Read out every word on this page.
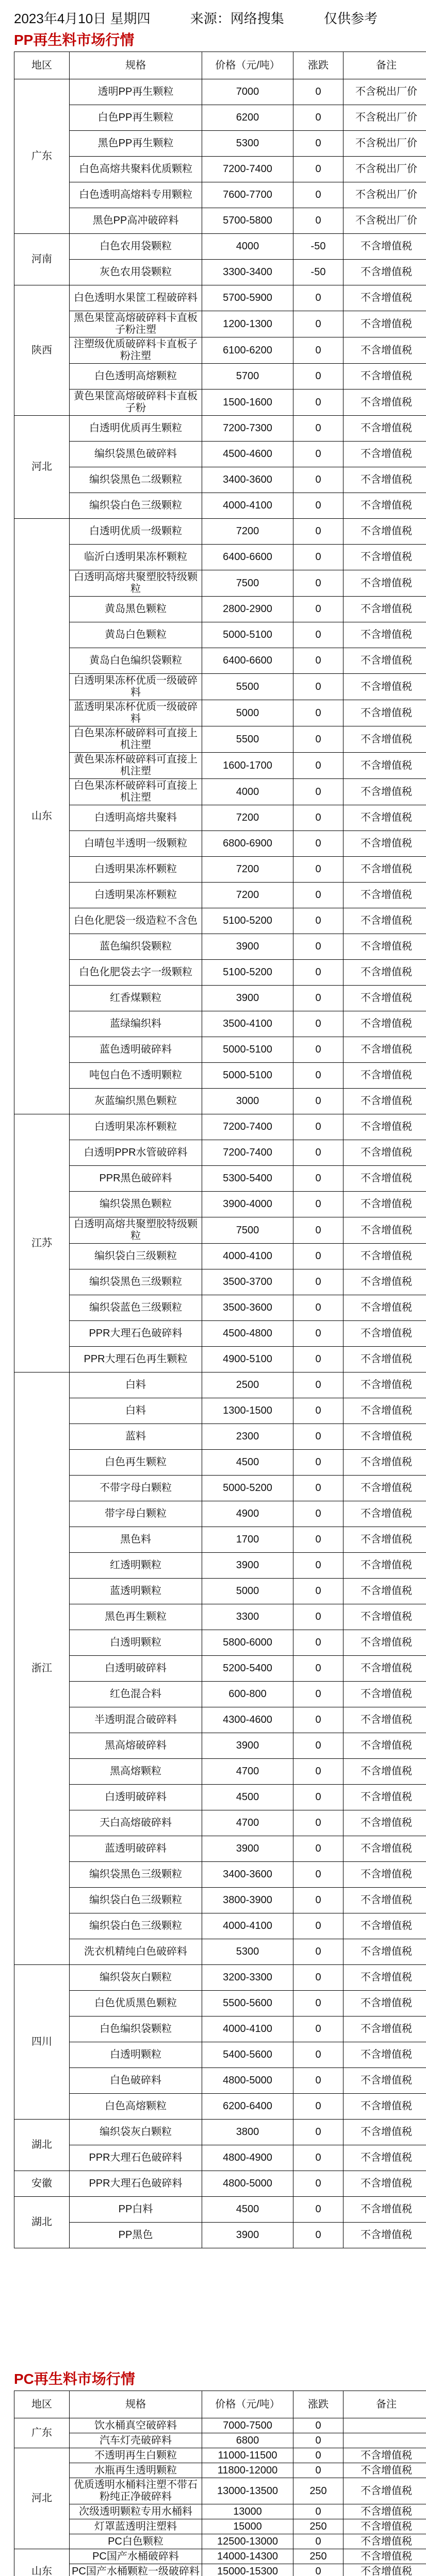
2023年4月10日 星期四	来源：网络搜集	仅供参考
PP再生料市场行情
地区	规格	价格（元/吨）	涨跌	备注
广东	透明PP再生颗粒	7000	0	不含税出厂价
	白色PP再生颗粒	6200	0	不含税出厂价
	黑色PP再生颗粒	5300	0	不含税出厂价
	白色高熔共聚料优质颗粒	7200-7400	0	不含税出厂价
	白色透明高熔料专用颗粒	7600-7700	0	不含税出厂价
	黑色PP高冲破碎料	5700-5800	0	不含税出厂价
河南	白色农用袋颗粒	4000	-50	不含增值税
	灰色农用袋颗粒	3300-3400	-50	不含增值税
陕西	白色透明水果筐工程破碎料	5700-5900	0	不含增值税
	黑色果筐高熔破碎料卡直板子粉注塑	1200-1300	0	不含增值税
	注塑级优质破碎料卡直板子粉注塑	6100-6200	0	不含增值税
	白色透明高熔颗粒	5700	0	不含增值税
	黄色果筐高熔破碎料卡直板子粉	1500-1600	0	不含增值税
河北	白透明优质再生颗粒	7200-7300	0	不含增值税
	编织袋黑色破碎料	4500-4600	0	不含增值税
	编织袋黑色二级颗粒	3400-3600	0	不含增值税
	编织袋白色三级颗粒	4000-4100	0	不含增值税
山东	白透明优质一级颗粒	7200	0	不含增值税
	临沂白透明果冻杯颗粒	6400-6600	0	不含增值税
	白透明高熔共聚塑胶特级颗粒	7500	0	不含增值税
	黄岛黑色颗粒	2800-2900	0	不含增值税
	黄岛白色颗粒	5000-5100	0	不含增值税
	黄岛白色编织袋颗粒	6400-6600	0	不含增值税
	白透明果冻杯优质一级破碎料	5500	0	不含增值税
	蓝透明果冻杯优质一级破碎料	5000	0	不含增值税
	白色果冻杯破碎料可直接上机注塑	5500	0	不含增值税
	黄色果冻杯破碎料可直接上机注塑	1600-1700	0	不含增值税
	白色果冻杯破碎料可直接上机注塑	4000	0	不含增值税
	白透明高熔共聚料	7200	0	不含增值税
	白晴包半透明一级颗粒	6800-6900	0	不含增值税
	白透明果冻杯颗粒	7200	0	不含增值税
	白透明果冻杯颗粒	7200	0	不含增值税
	白色化肥袋一级造粒不含色	5100-5200	0	不含增值税
	蓝色编织袋颗粒	3900	0	不含增值税
	白色化肥袋去字一级颗粒	5100-5200	0	不含增值税
	红香煤颗粒	3900	0	不含增值税
	蓝绿编织料	3500-4100	0	不含增值税
	蓝色透明破碎料	5000-5100	0	不含增值税
	吨包白色不透明颗粒	5000-5100	0	不含增值税
	灰蓝编织黑色颗粒	3000	0	不含增值税
江苏	白透明果冻杯颗粒	7200-7400	0	不含增值税
	白透明PPR水管破碎料	7200-7400	0	不含增值税
	PPR黑色破碎料	5300-5400	0	不含增值税
	编织袋黑色颗粒	3900-4000	0	不含增值税
	白透明高熔共聚塑胶特级颗粒	7500	0	不含增值税
	编织袋白三级颗粒	4000-4100	0	不含增值税
	编织袋黑色三级颗粒	3500-3700	0	不含增值税
	编织袋蓝色三级颗粒	3500-3600	0	不含增值税
	PPR大理石色破碎料	4500-4800	0	不含增值税
	PPR大理石色再生颗粒	4900-5100	0	不含增值税
浙江	白料	2500	0	不含增值税
	白料	1300-1500	0	不含增值税
	蓝料	2300	0	不含增值税
	白色再生颗粒	4500	0	不含增值税
	不带字母白颗粒	5000-5200	0	不含增值税
	带字母白颗粒	4900	0	不含增值税
	黑色料	1700	0	不含增值税
	红透明颗粒	3900	0	不含增值税
	蓝透明颗粒	5000	0	不含增值税
	黑色再生颗粒	3300	0	不含增值税
	白透明颗粒	5800-6000	0	不含增值税
	白透明破碎料	5200-5400	0	不含增值税
	红色混合料	600-800	0	不含增值税
	半透明混合破碎料	4300-4600	0	不含增值税
	黑高熔破碎料	3900	0	不含增值税
	黑高熔颗粒	4700	0	不含增值税
	白透明破碎料	4500	0	不含增值税
	天白高熔破碎料	4700	0	不含增值税
	蓝透明破碎料	3900	0	不含增值税
	编织袋黑色三级颗粒	3400-3600	0	不含增值税
	编织袋白色三级颗粒	3800-3900	0	不含增值税
	编织袋白色三级颗粒	4000-4100	0	不含增值税
	洗衣机精纯白色破碎料	5300	0	不含增值税
四川	编织袋灰白颗粒	3200-3300	0	不含增值税
	白色优质黑色颗粒	5500-5600	0	不含增值税
	白色编织袋颗粒	4000-4100	0	不含增值税
	白透明颗粒	5400-5600	0	不含增值税
	白色破碎料	4800-5000	0	不含增值税
	白色高熔颗粒	6200-6400	0	不含增值税
湖北	编织袋灰白颗粒	3800	0	不含增值税
	PPR大理石色破碎料	4800-4900	0	不含增值税
安徽	PPR大理石色破碎料	4800-5000	0	不含增值税
湖北	PP白料	4500	0	不含增值税
	PP黑色	3900	0	不含增值税
PC再生料市场行情
地区	规格	价格（元/吨）	涨跌	备注
广东	饮水桶真空破碎料	7000-7500	0	
	汽车灯壳破碎料	6800	0	
河北	不透明再生白颗粒	11000-11500	0	不含增值税
	水瓶再生透明颗粒	11800-12000	0	不含增值税
	优质透明水桶料注塑不带石粉纯正净破碎料	13000-13500	250	不含增值税
	次级透明颗粒专用水桶料	13000	0	不含增值税
	灯罩蓝透明注塑料	15000	250	不含增值税
	PC白色颗粒	12500-13000	0	不含增值税
山东	PC国产水桶破碎料	14000-14300	250	不含增值税
	PC国产水桶颗粒一级破碎料	15000-15300	0	不含增值税
